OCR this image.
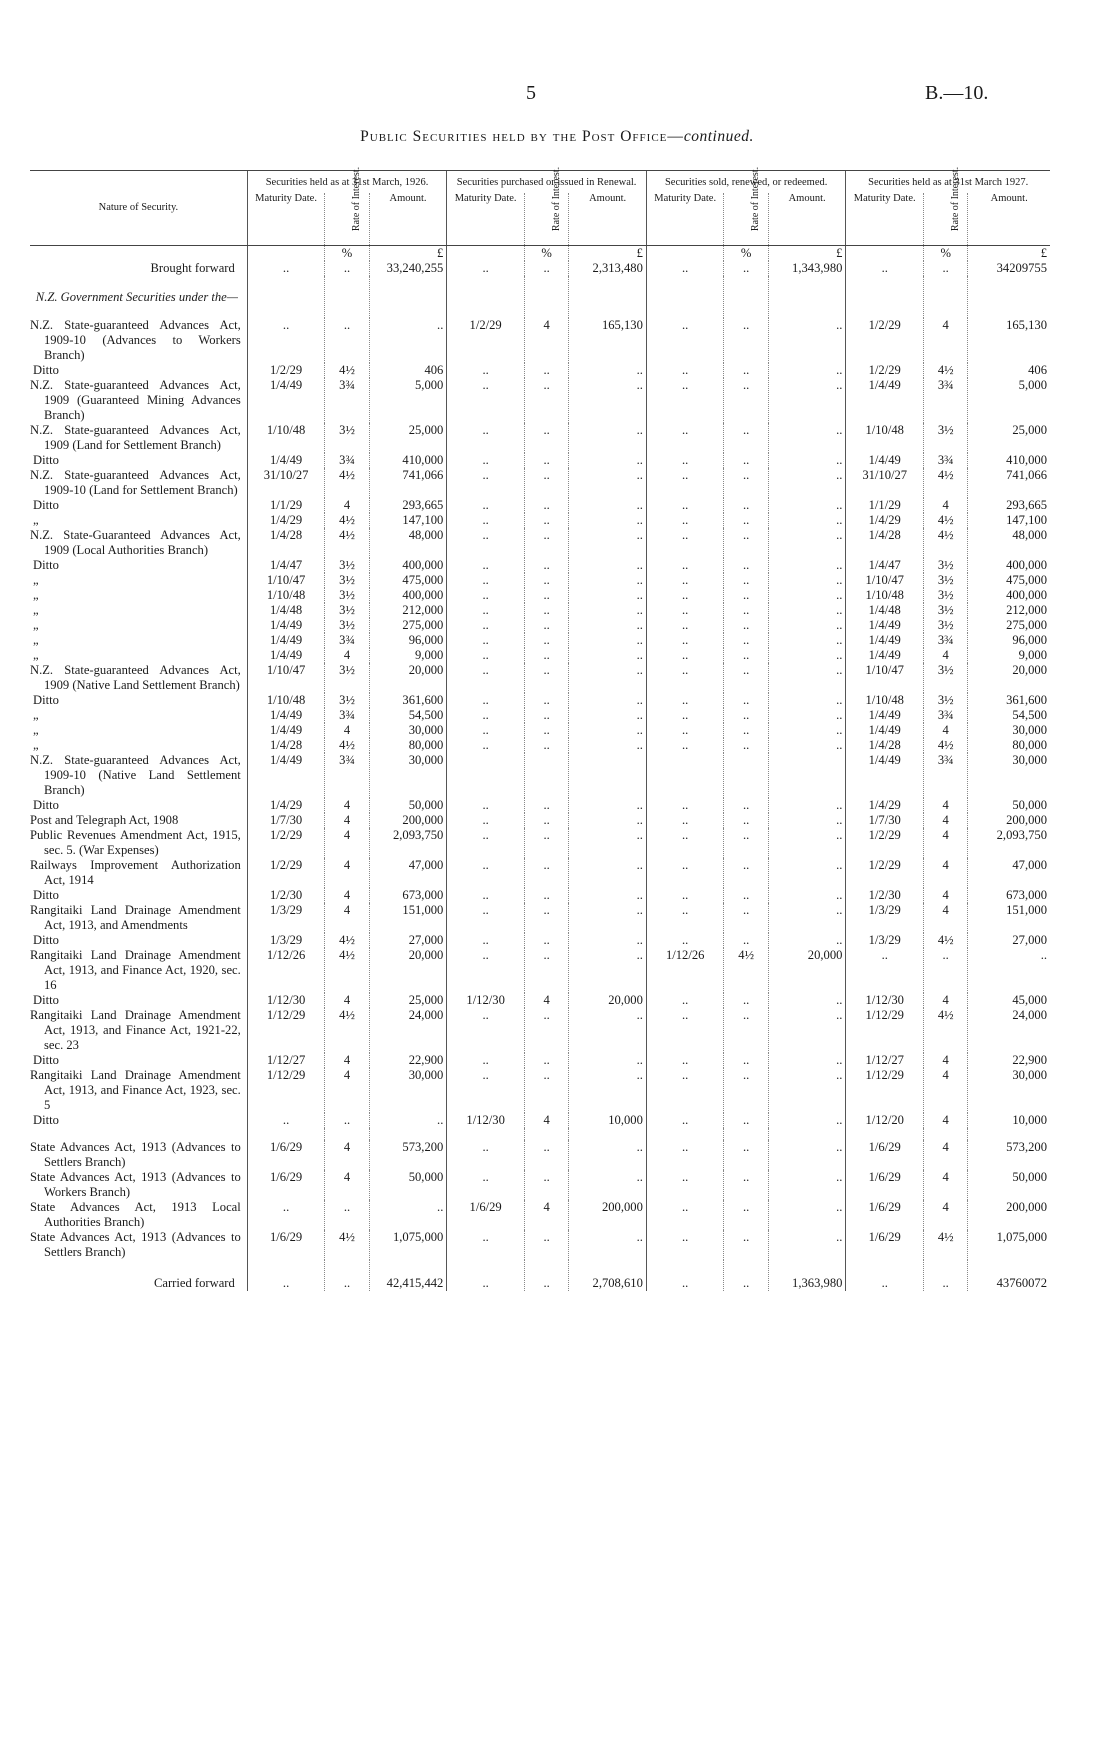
5	B.—10.
Public Securities held by the Post Office—continued.
Nature of Security.	Securities held as at 31st March, 1926.			Securities purchased or issued in Renewal.			Securities sold, renewed, or redeemed.			Securities held as at 31st March 1927.		
	Maturity Date.	Rate of Interest.	Amount.	Maturity Date.	Rate of Interest.	Amount.	Maturity Date.	Rate of Interest.	Amount.	Maturity Date.	Rate of Interest.	Amount.
		%	£		%	£		%	£		%	£
Brought forward	..	..	33,240,255	..	..	2,313,480	..	..	1,343,980	..	..	34209755
N.Z. Government Securities under the—												
N.Z. State-guaranteed Advances Act, 1909-10 (Advances to Workers Branch)	..	..	..	1/2/29	4	165,130	..	..	..	1/2/29	4	165,130
Ditto	1/2/29	4½	406	..	..	..	..	..	..	1/2/29	4½	406
N.Z. State-guaranteed Advances Act, 1909 (Guaranteed Mining Advances Branch)	1/4/49	3¾	5,000	..	..	..	..	..	..	1/4/49	3¾	5,000
N.Z. State-guaranteed Advances Act, 1909 (Land for Settlement Branch)	1/10/48	3½	25,000	..	..	..	..	..	..	1/10/48	3½	25,000
Ditto	1/4/49	3¾	410,000	..	..	..	..	..	..	1/4/49	3¾	410,000
N.Z. State-guaranteed Advances Act, 1909-10 (Land for Settlement Branch)	31/10/27	4½	741,066	..	..	..	..	..	..	31/10/27	4½	741,066
Ditto	1/1/29	4	293,665	..	..	..	..	..	..	1/1/29	4	293,665
„	1/4/29	4½	147,100	..	..	..	..	..	..	1/4/29	4½	147,100
N.Z. State-Guaranteed Advances Act, 1909 (Local Authorities Branch)	1/4/28	4½	48,000	..	..	..	..	..	..	1/4/28	4½	48,000
Ditto	1/4/47	3½	400,000	..	..	..	..	..	..	1/4/47	3½	400,000
„	1/10/47	3½	475,000	..	..	..	..	..	..	1/10/47	3½	475,000
„	1/10/48	3½	400,000	..	..	..	..	..	..	1/10/48	3½	400,000
„	1/4/48	3½	212,000	..	..	..	..	..	..	1/4/48	3½	212,000
„	1/4/49	3½	275,000	..	..	..	..	..	..	1/4/49	3½	275,000
„	1/4/49	3¾	96,000	..	..	..	..	..	..	1/4/49	3¾	96,000
„	1/4/49	4	9,000	..	..	..	..	..	..	1/4/49	4	9,000
N.Z. State-guaranteed Advances Act, 1909 (Native Land Settlement Branch)	1/10/47	3½	20,000	..	..	..	..	..	..	1/10/47	3½	20,000
Ditto	1/10/48	3½	361,600	..	..	..	..	..	..	1/10/48	3½	361,600
„	1/4/49	3¾	54,500	..	..	..	..	..	..	1/4/49	3¾	54,500
„	1/4/49	4	30,000	..	..	..	..	..	..	1/4/49	4	30,000
„	1/4/28	4½	80,000	..	..	..	..	..	..	1/4/28	4½	80,000
N.Z. State-guaranteed Advances Act, 1909-10 (Native Land Settlement Branch)	1/4/49	3¾	30,000							1/4/49	3¾	30,000
Ditto	1/4/29	4	50,000	..	..	..	..	..	..	1/4/29	4	50,000
Post and Telegraph Act, 1908	1/7/30	4	200,000	..	..	..	..	..	..	1/7/30	4	200,000
Public Revenues Amendment Act, 1915, sec. 5. (War Expenses)	1/2/29	4	2,093,750	..	..	..	..	..	..	1/2/29	4	2,093,750
Railways Improvement Authorization Act, 1914	1/2/29	4	47,000	..	..	..	..	..	..	1/2/29	4	47,000
Ditto	1/2/30	4	673,000	..	..	..	..	..	..	1/2/30	4	673,000
Rangitaiki Land Drainage Amendment Act, 1913, and Amendments	1/3/29	4	151,000	..	..	..	..	..	..	1/3/29	4	151,000
Ditto	1/3/29	4½	27,000	..	..	..	..	..	..	1/3/29	4½	27,000
Rangitaiki Land Drainage Amendment Act, 1913, and Finance Act, 1920, sec. 16	1/12/26	4½	20,000	..	..	..	1/12/26	4½	20,000	..	..	..
Ditto	1/12/30	4	25,000	1/12/30	4	20,000	..	..	..	1/12/30	4	45,000
Rangitaiki Land Drainage Amendment Act, 1913, and Finance Act, 1921-22, sec. 23	1/12/29	4½	24,000	..	..	..	..	..	..	1/12/29	4½	24,000
Ditto	1/12/27	4	22,900	..	..	..	..	..	..	1/12/27	4	22,900
Rangitaiki Land Drainage Amendment Act, 1913, and Finance Act, 1923, sec. 5	1/12/29	4	30,000	..	..	..	..	..	..	1/12/29	4	30,000
Ditto	..	..	..	1/12/30	4	10,000	..	..	..	1/12/20	4	10,000

State Advances Act, 1913 (Advances to Settlers Branch)	1/6/29	4	573,200	..	..	..	..	..	..	1/6/29	4	573,200
State Advances Act, 1913 (Advances to Workers Branch)	1/6/29	4	50,000	..	..	..	..	..	..	1/6/29	4	50,000
State Advances Act, 1913 Local Authorities Branch)	..	..	..	1/6/29	4	200,000	..	..	..	1/6/29	4	200,000
State Advances Act, 1913 (Advances to Settlers Branch)	1/6/29	4½	1,075,000	..	..	..	..	..	..	1/6/29	4½	1,075,000
Carried forward	..	..	42,415,442	..	..	2,708,610	..	..	1,363,980	..	..	43760072
